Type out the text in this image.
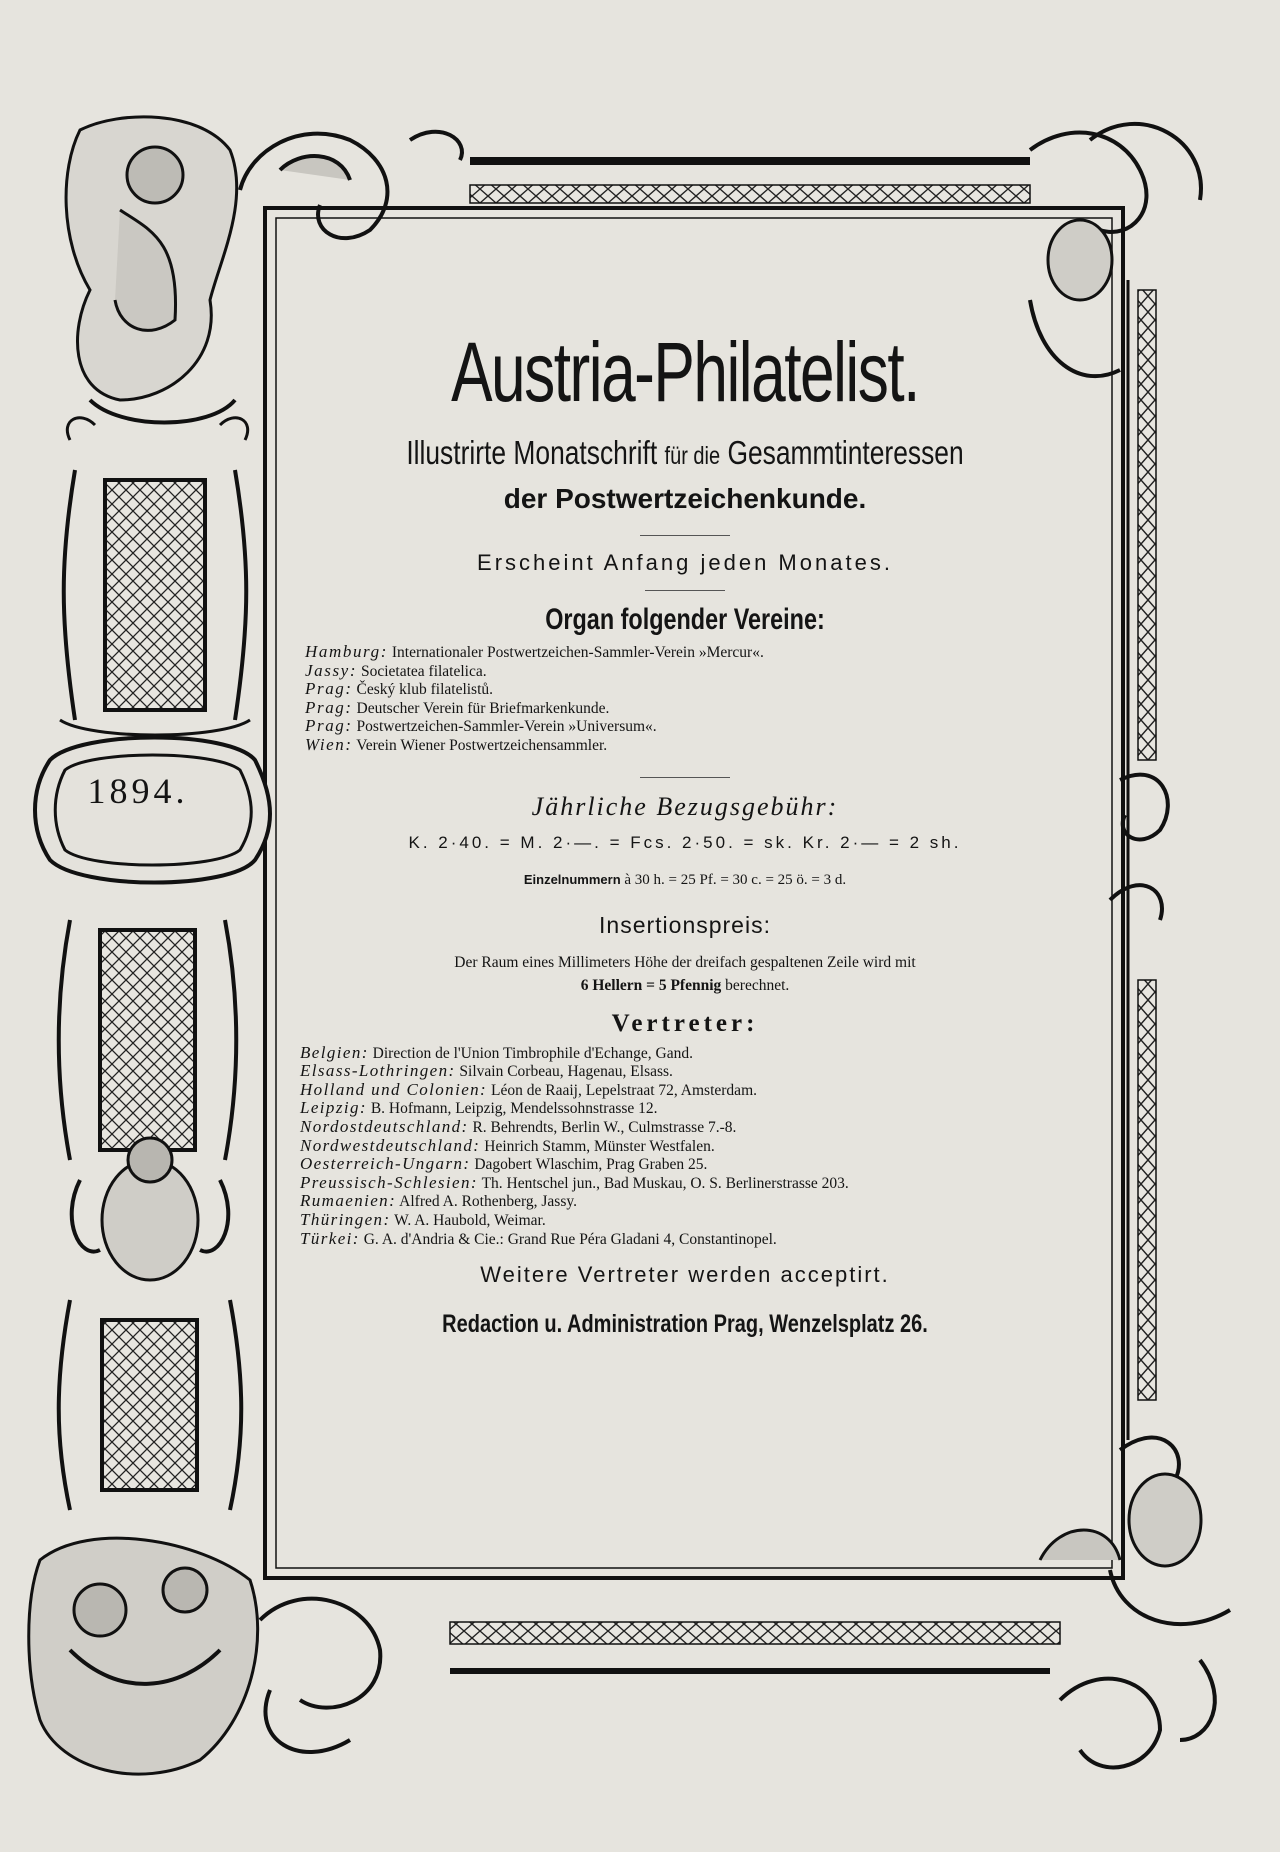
1894.
Austria-Philatelist.
Illustrirte Monatschrift für die Gesammtinteressen
der Postwertzeichenkunde.
Erscheint Anfang jeden Monates.
Organ folgender Vereine:
Hamburg: Internationaler Postwertzeichen-Sammler-Verein »Mercur«.
Jassy: Societatea filatelica.
Prag: Český klub filatelistů.
Prag: Deutscher Verein für Briefmarkenkunde.
Prag: Postwertzeichen-Sammler-Verein »Universum«.
Wien: Verein Wiener Postwertzeichensammler.
Jährliche Bezugsgebühr:
K. 2·40. = M. 2·—. = Fcs. 2·50. = sk. Kr. 2·— = 2 sh.
Einzelnummern à 30 h. = 25 Pf. = 30 c. = 25 ö. = 3 d.
Insertionspreis:
Der Raum eines Millimeters Höhe der dreifach gespaltenen Zeile wird mit
6 Hellern = 5 Pfennig berechnet.
Vertreter:
Belgien: Direction de l'Union Timbrophile d'Echange, Gand.
Elsass-Lothringen: Silvain Corbeau, Hagenau, Elsass.
Holland und Colonien: Léon de Raaij, Lepelstraat 72, Amsterdam.
Leipzig: B. Hofmann, Leipzig, Mendelssohnstrasse 12.
Nordostdeutschland: R. Behrendts, Berlin W., Culmstrasse 7.-8.
Nordwestdeutschland: Heinrich Stamm, Münster Westfalen.
Oesterreich-Ungarn: Dagobert Wlaschim, Prag Graben 25.
Preussisch-Schlesien: Th. Hentschel jun., Bad Muskau, O. S. Berlinerstrasse 203.
Rumaenien: Alfred A. Rothenberg, Jassy.
Thüringen: W. A. Haubold, Weimar.
Türkei: G. A. d'Andria & Cie.: Grand Rue Péra Gladani 4, Constantinopel.
Weitere Vertreter werden acceptirt.
Redaction u. Administration Prag, Wenzelsplatz 26.
